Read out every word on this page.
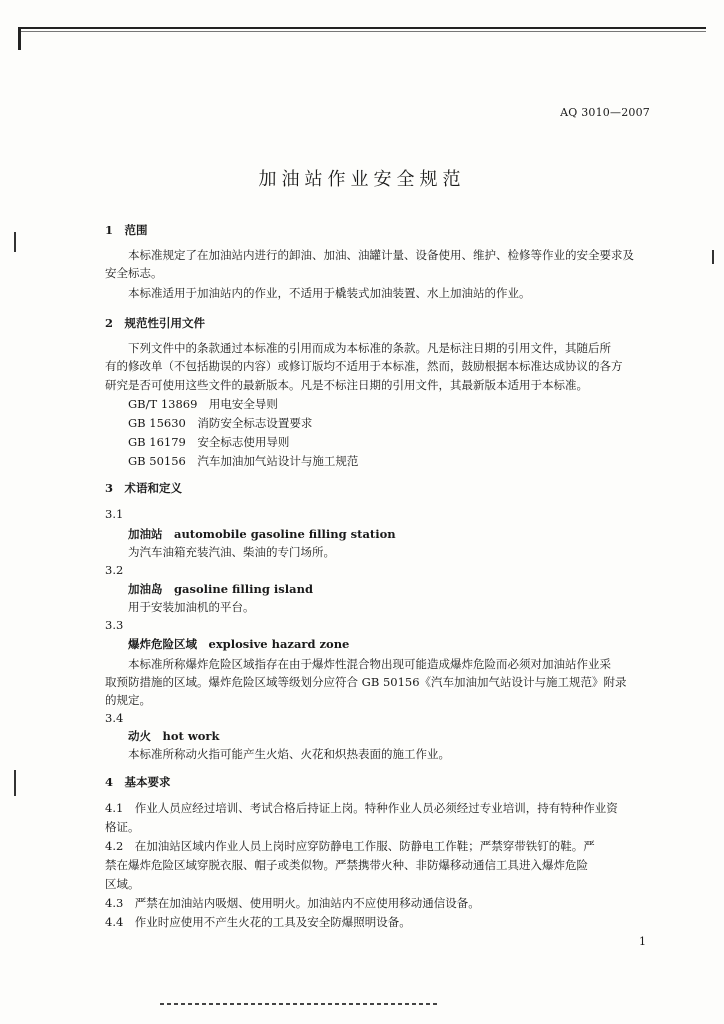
AQ 3010—2007
加油站作业安全规范
1　范围
本标准规定了在加油站内进行的卸油、加油、油罐计量、设备使用、维护、检修等作业的安全要求及
安全标志。
本标准适用于加油站内的作业，不适用于橇装式加油装置、水上加油站的作业。
2　规范性引用文件
下列文件中的条款通过本标准的引用而成为本标准的条款。凡是标注日期的引用文件，其随后所
有的修改单（不包括勘误的内容）或修订版均不适用于本标准，然而，鼓励根据本标准达成协议的各方
研究是否可使用这些文件的最新版本。凡是不标注日期的引用文件，其最新版本适用于本标准。
GB/T 13869　用电安全导则
GB 15630　消防安全标志设置要求
GB 16179　安全标志使用导则
GB 50156　汽车加油加气站设计与施工规范
3　术语和定义
3.1
加油站　automobile gasoline filling station
为汽车油箱充装汽油、柴油的专门场所。
3.2
加油岛　gasoline filling island
用于安装加油机的平台。
3.3
爆炸危险区域　explosive hazard zone
本标准所称爆炸危险区域指存在由于爆炸性混合物出现可能造成爆炸危险而必须对加油站作业采
取预防措施的区域。爆炸危险区域等级划分应符合 GB 50156《汽车加油加气站设计与施工规范》附录
的规定。
3.4
动火　hot work
本标准所称动火指可能产生火焰、火花和炽热表面的施工作业。
4　基本要求
4.1　作业人员应经过培训、考试合格后持证上岗。特种作业人员必须经过专业培训，持有特种作业资
格证。
4.2　在加油站区域内作业人员上岗时应穿防静电工作服、防静电工作鞋；严禁穿带铁钉的鞋。严
禁在爆炸危险区域穿脱衣服、帽子或类似物。严禁携带火种、非防爆移动通信工具进入爆炸危险
区域。
4.3　严禁在加油站内吸烟、使用明火。加油站内不应使用移动通信设备。
4.4　作业时应使用不产生火花的工具及安全防爆照明设备。
1
